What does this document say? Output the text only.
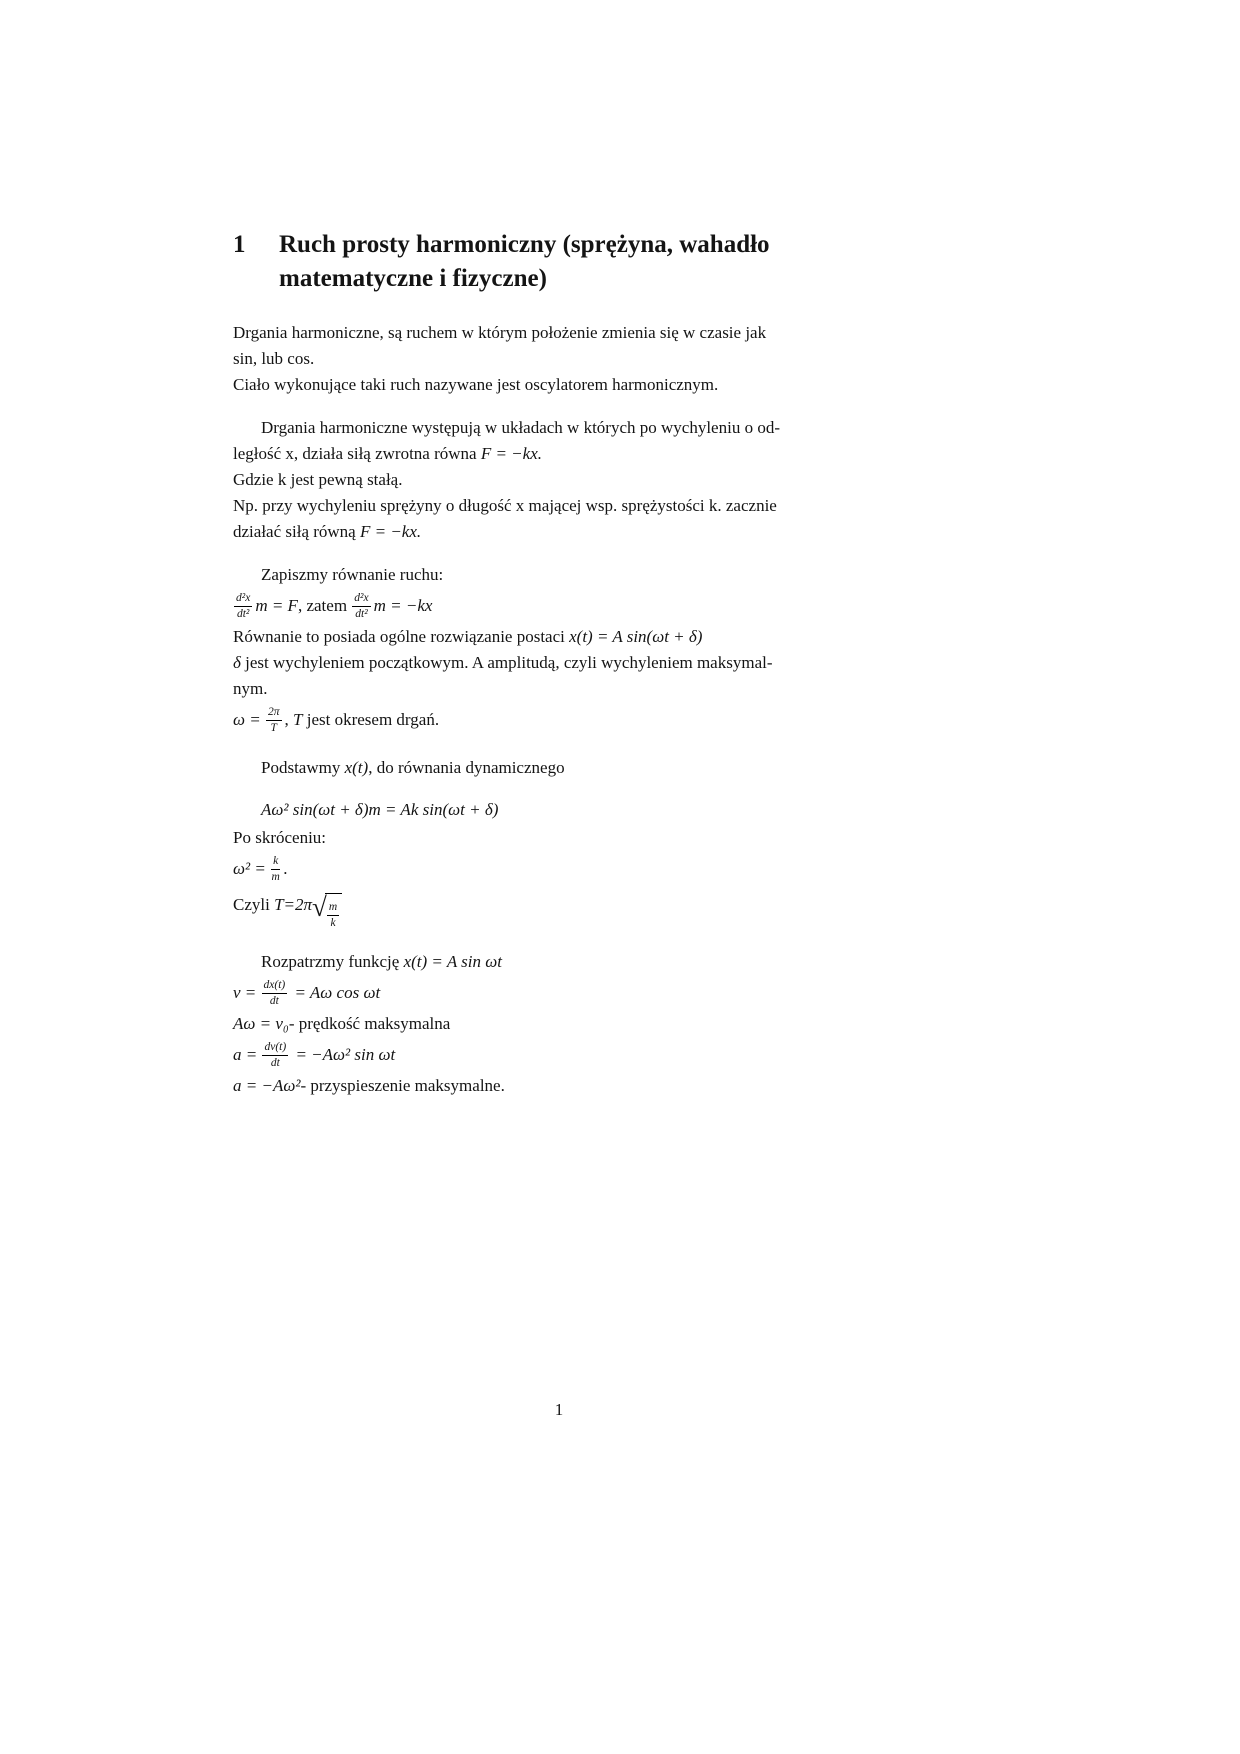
1	Ruch prosty harmoniczny (sprężyna, wahadło
matematyczne i fizyczne)
Drgania harmoniczne, są ruchem w którym położenie zmienia się w czasie jak
sin, lub cos.
Ciało wykonujące taki ruch nazywane jest oscylatorem harmonicznym.
Drgania harmoniczne występują w układach w których po wychyleniu o od-
ległość x, działa siłą zwrotna równa F = −kx.
Gdzie k jest pewną stałą.
Np. przy wychyleniu sprężyny o długość x mającej wsp. sprężystości k. zacznie
działać siłą równą F = −kx.
Zapiszmy równanie ruchu:
$\frac{\text{d²x}}{\text{dt²}}$ m = F, zatem $\frac{\text{d²x}}{\text{dt²}}$ m = −kx
Równanie to posiada ogólne rozwiązanie postaci x(t) = A sin(ωt + δ)
δ jest wychyleniem początkowym. A amplitudą, czyli wychyleniem maksymal-
nym.
$\omega = \frac{2\pi}{T}$ , T jest okresem drgań.
Podstawmy x(t), do równania dynamicznego
Aω² sin(ωt + δ)m = Ak sin(ωt + δ)
Po skróceniu:
$\omega^2 = \frac{k}{m}$ .
Czyli $T=2\pi√ \frac{m}{k}$
Rozpatrzmy funkcję x(t) = A sin ωt
$v = \frac{dx(t)}{dt} = A\omega$ cos ωt
Aω = v₀- prędkość maksymalna
$a = \frac{dv(t)}{dt} = -A\omega^2$ sin ωt
a = −Aω²- przyspieszenie maksymalne.
1
